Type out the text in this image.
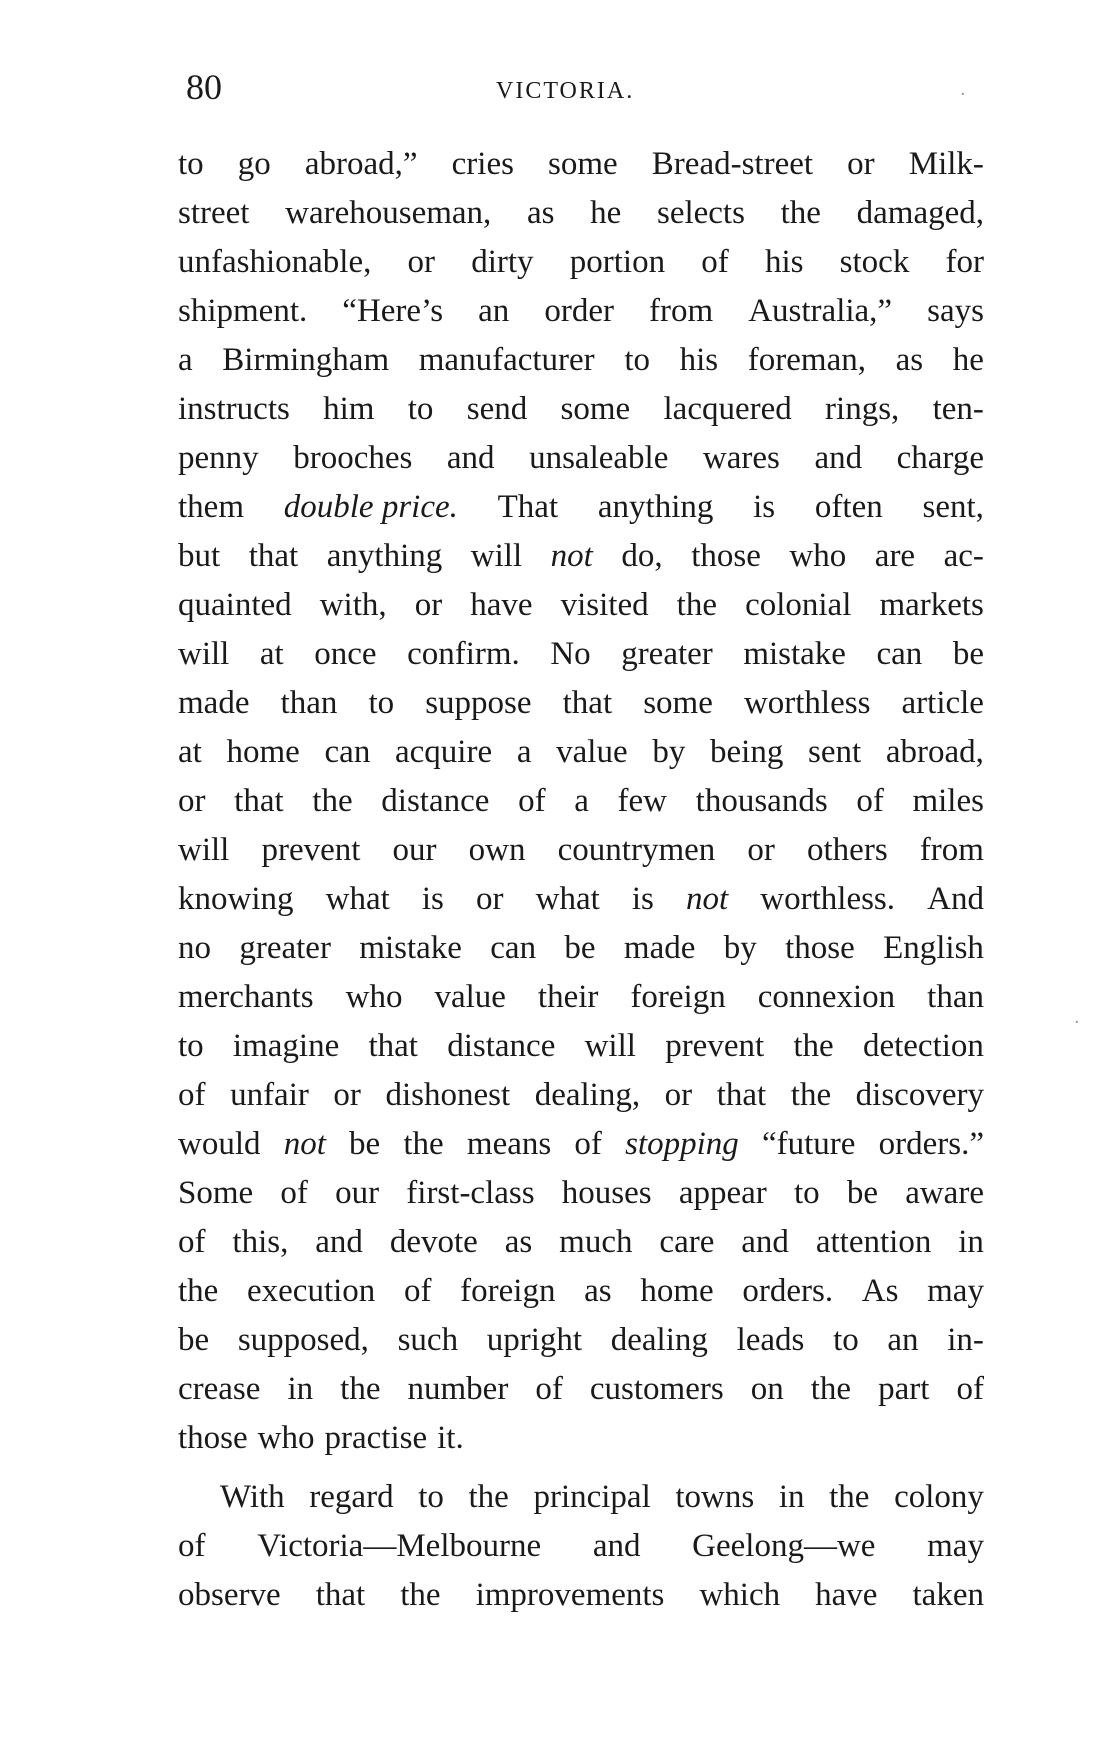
80	VICTORIA.	·
·
to go abroad,” cries some Bread-street or Milk-
street warehouseman, as he selects the damaged,
unfashionable, or dirty portion of his stock for
shipment. “Here’s an order from Australia,” says
a Birmingham manufacturer to his foreman, as he
instructs him to send some lacquered rings, ten-
penny brooches and unsaleable wares and charge
them double price. That anything is often sent,
but that anything will not do, those who are ac-
quainted with, or have visited the colonial markets
will at once confirm. No greater mistake can be
made than to suppose that some worthless article
at home can acquire a value by being sent abroad,
or that the distance of a few thousands of miles
will prevent our own countrymen or others from
knowing what is or what is not worthless. And
no greater mistake can be made by those English
merchants who value their foreign connexion than
to imagine that distance will prevent the detection
of unfair or dishonest dealing, or that the discovery
would not be the means of stopping “future orders.”
Some of our first-class houses appear to be aware
of this, and devote as much care and attention in
the execution of foreign as home orders. As may
be supposed, such upright dealing leads to an in-
crease in the number of customers on the part of
those who practise it.
With regard to the principal towns in the colony
of Victoria—Melbourne and Geelong—we may
observe that the improvements which have taken
